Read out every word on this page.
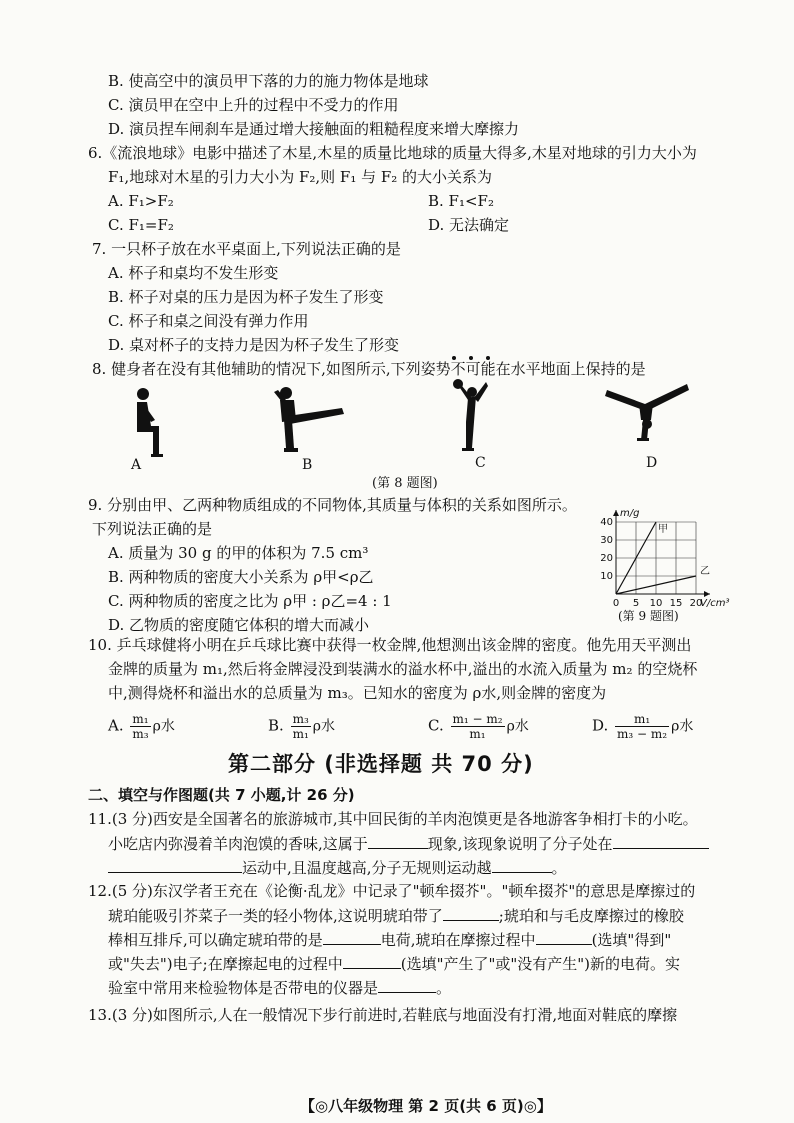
B. 使高空中的演员甲下落的力的施力物体是地球
C. 演员甲在空中上升的过程中不受力的作用
D. 演员捏车闸刹车是通过增大接触面的粗糙程度来增大摩擦力
6.《流浪地球》电影中描述了木星,木星的质量比地球的质量大得多,木星对地球的引力大小为
F₁,地球对木星的引力大小为 F₂,则 F₁ 与 F₂ 的大小关系为
A. F₁>F₂	B. F₁<F₂
C. F₁=F₂	D. 无法确定
7. 一只杯子放在水平桌面上,下列说法正确的是
A. 杯子和桌均不发生形变
B. 杯子对桌的压力是因为杯子发生了形变
C. 杯子和桌之间没有弹力作用
D. 桌对杯子的支持力是因为杯子发生了形变
8. 健身者在没有其他辅助的情况下,如图所示,下列姿势不可能在水平地面上保持的是
A	B	C	D
(第 8 题图)
9. 分别由甲、乙两种物质组成的不同物体,其质量与体积的关系如图所示。
下列说法正确的是
A. 质量为 30 g 的甲的体积为 7.5 cm³
B. 两种物质的密度大小关系为 ρ甲<ρ乙
C. 两种物质的密度之比为 ρ甲 : ρ乙=4 : 1
D. 乙物质的密度随它体积的增大而减小
0 5 10 15 20
10
20
30
40
V/cm³
m/g
甲
乙
(第 9 题图)
10. 乒乓球健将小明在乒乓球比赛中获得一枚金牌,他想测出该金牌的密度。他先用天平测出
金牌的质量为 m₁,然后将金牌浸没到装满水的溢水杯中,溢出的水流入质量为 m₂ 的空烧杯
中,测得烧杯和溢出水的总质量为 m₃。已知水的密度为 ρ水,则金牌的密度为
A. $\frac{\text{m₁}}{\text{m₃}}$ ρ水	B. $\frac{\text{m₃}}{\text{m₁}}$ ρ水	C. $\frac{\text{m₁ − m₂}}{\text{m₁}}$ ρ水	D. $\frac{\text{m₁}}{\text{m₃ − m₂}}$ ρ水
第二部分 (非选择题 共 70 分)
二、填空与作图题(共 7 小题,计 26 分)
11.(3 分)西安是全国著名的旅游城市,其中回民街的羊肉泡馍更是各地游客争相打卡的小吃。
小吃店内弥漫着羊肉泡馍的香味,这属于	现象,该现象说明了分子处在
运动中,且温度越高,分子无规则运动越	。
12.(5 分)东汉学者王充在《论衡·乱龙》中记录了"顿牟掇芥"。"顿牟掇芥"的意思是摩擦过的
琥珀能吸引芥菜子一类的轻小物体,这说明琥珀带了	;琥珀和与毛皮摩擦过的橡胶
棒相互排斥,可以确定琥珀带的是	电荷,琥珀在摩擦过程中	(选填"得到"
或"失去")电子;在摩擦起电的过程中	(选填"产生了"或"没有产生")新的电荷。实
验室中常用来检验物体是否带电的仪器是	。
13.(3 分)如图所示,人在一般情况下步行前进时,若鞋底与地面没有打滑,地面对鞋底的摩擦
【◎八年级物理 第 2 页(共 6 页)◎】
